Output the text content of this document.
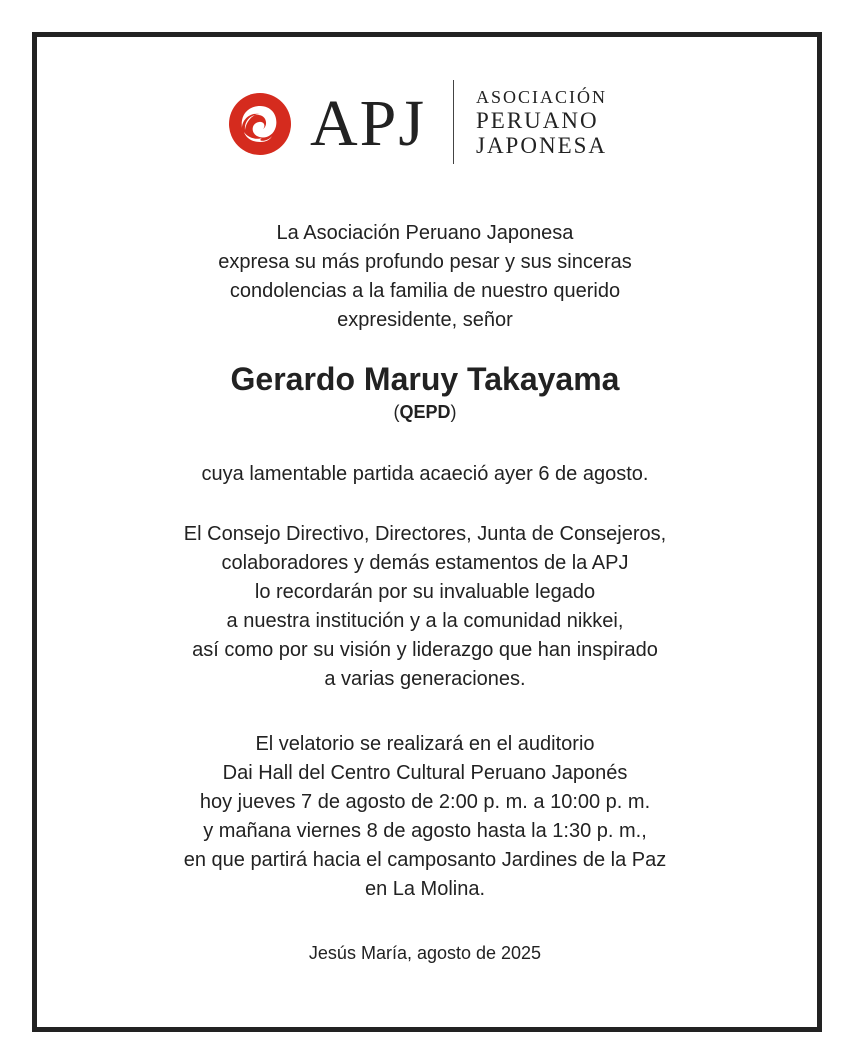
APJ	ASOCIACIÓN
PERUANO
JAPONESA

La Asociación Peruano Japonesa

expresa su más profundo pesar y sus sinceras

condolencias a la familia de nuestro querido

expresidente, señor

Gerardo Maruy Takayama
(QEPD)

cuya lamentable partida acaeció ayer 6 de agosto.

El Consejo Directivo, Directores, Junta de Consejeros,

colaboradores y demás estamentos de la APJ

lo recordarán por su invaluable legado

a nuestra institución y a la comunidad nikkei,

así como por su visión y liderazgo que han inspirado

a varias generaciones.

El velatorio se realizará en el auditorio

Dai Hall del Centro Cultural Peruano Japonés

hoy jueves 7 de agosto de 2:00 p. m. a 10:00 p. m.

y mañana viernes 8 de agosto hasta la 1:30 p. m.,

en que partirá hacia el camposanto Jardines de la Paz

en La Molina.

Jesús María, agosto de 2025
